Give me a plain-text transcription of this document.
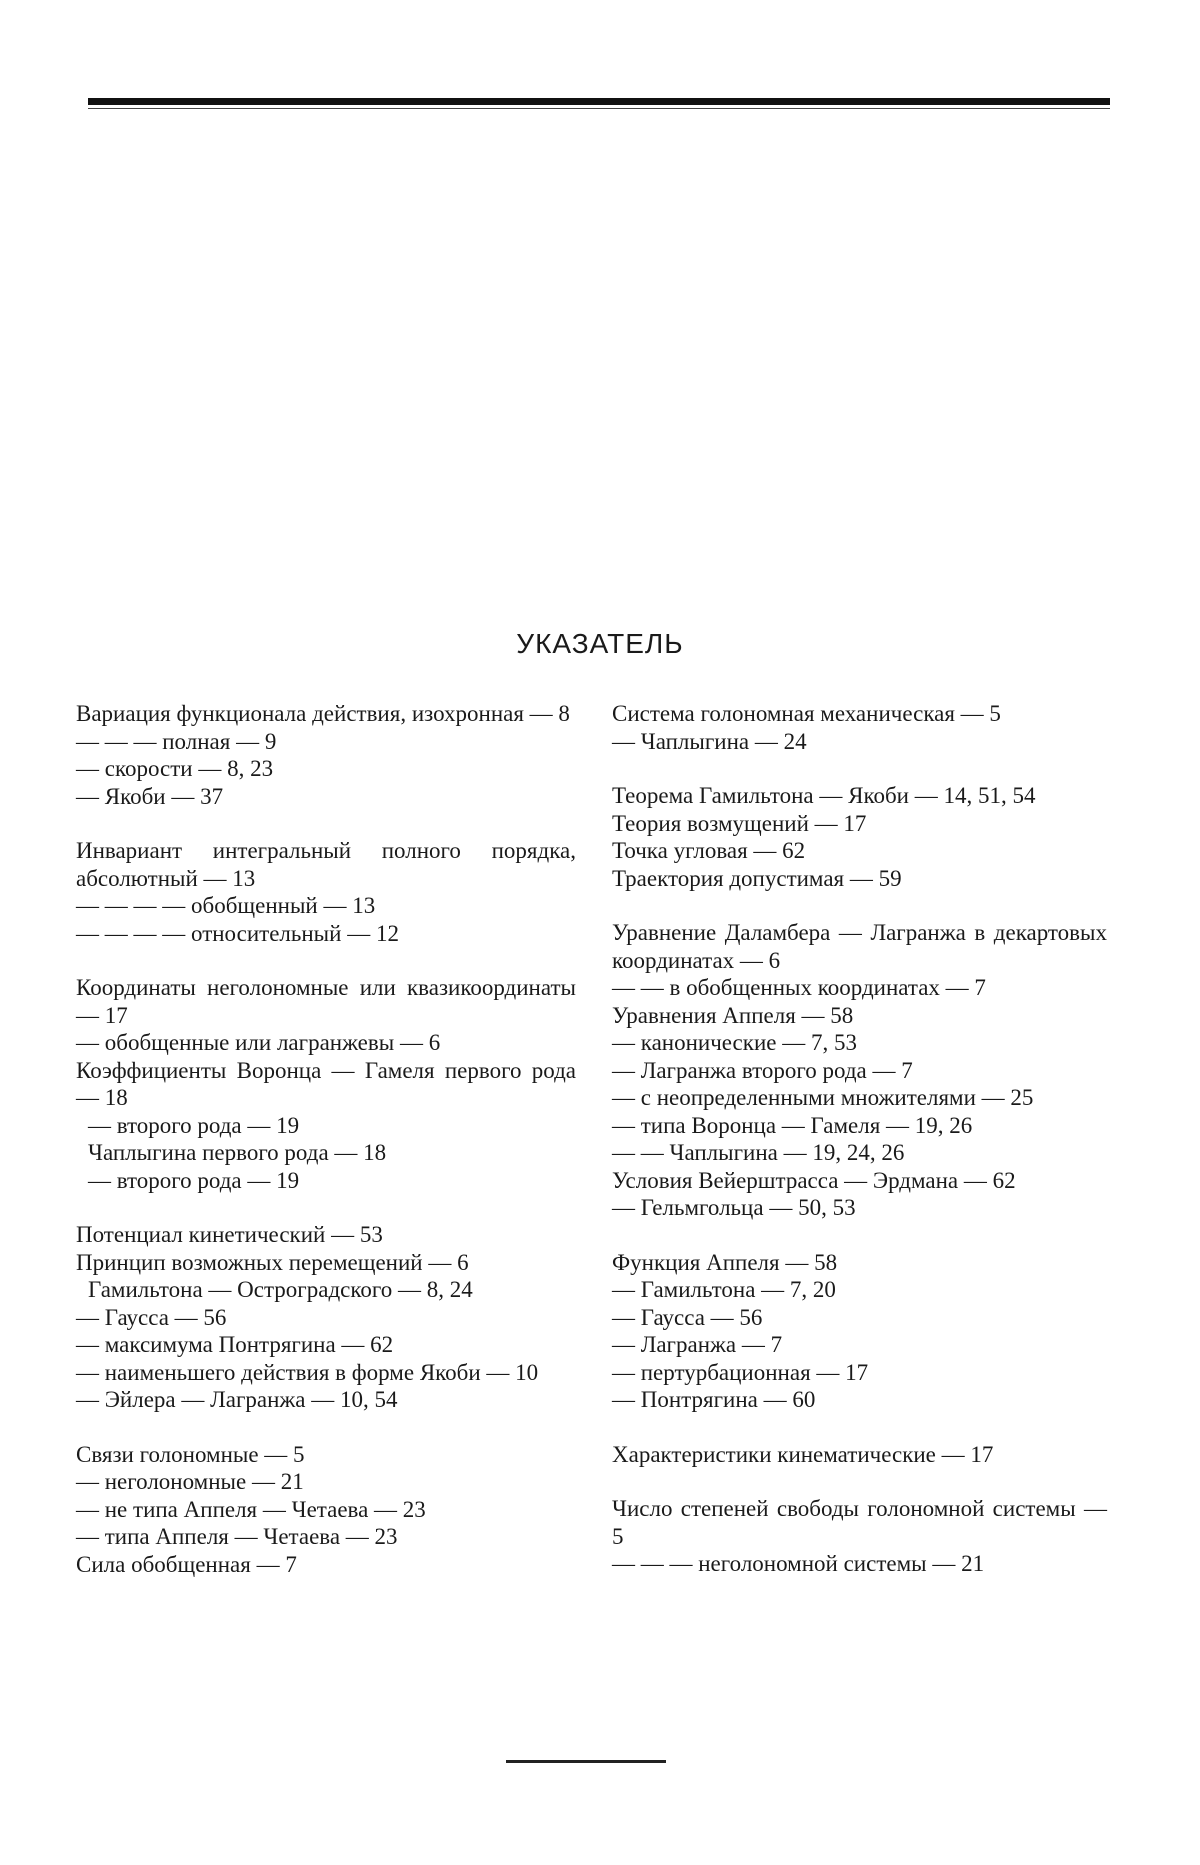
УКАЗАТЕЛЬ

Вариация функционала действия, изохронная — 8

— — — полная — 9

— скорости — 8, 23

— Якоби — 37

Инвариант интегральный полного порядка, абсолютный — 13

— — — — обобщенный — 13

— — — — относительный — 12

Координаты неголономные или квазикоординаты — 17

— обобщенные или лагранжевы — 6

Коэффициенты Воронца — Гамеля первого рода — 18

— второго рода — 19

Чаплыгина первого рода — 18

— второго рода — 19

Потенциал кинетический — 53

Принцип возможных перемещений — 6

Гамильтона — Остроградского — 8, 24

— Гаусса — 56

— максимума Понтрягина — 62

— наименьшего действия в форме Якоби — 10

— Эйлера — Лагранжа — 10, 54

Связи голономные — 5

— неголономные — 21

— не типа Аппеля — Четаева — 23

— типа Аппеля — Четаева — 23

Сила обобщенная — 7

Система голономная механическая — 5

— Чаплыгина — 24

Теорема Гамильтона — Якоби — 14, 51, 54

Теория возмущений — 17

Точка угловая — 62

Траектория допустимая — 59

Уравнение Даламбера — Лагранжа в декартовых координатах — 6

— — в обобщенных координатах — 7

Уравнения Аппеля — 58

— канонические — 7, 53

— Лагранжа второго рода — 7

— с неопределенными множителями — 25

— типа Воронца — Гамеля — 19, 26

— — Чаплыгина — 19, 24, 26

Условия Вейерштрасса — Эрдмана — 62

— Гельмгольца — 50, 53

Функция Аппеля — 58

— Гамильтона — 7, 20

— Гаусса — 56

— Лагранжа — 7

— пертурбационная — 17

— Понтрягина — 60

Характеристики кинематические — 17

Число степеней свободы голономной системы — 5

— — — неголономной системы — 21
